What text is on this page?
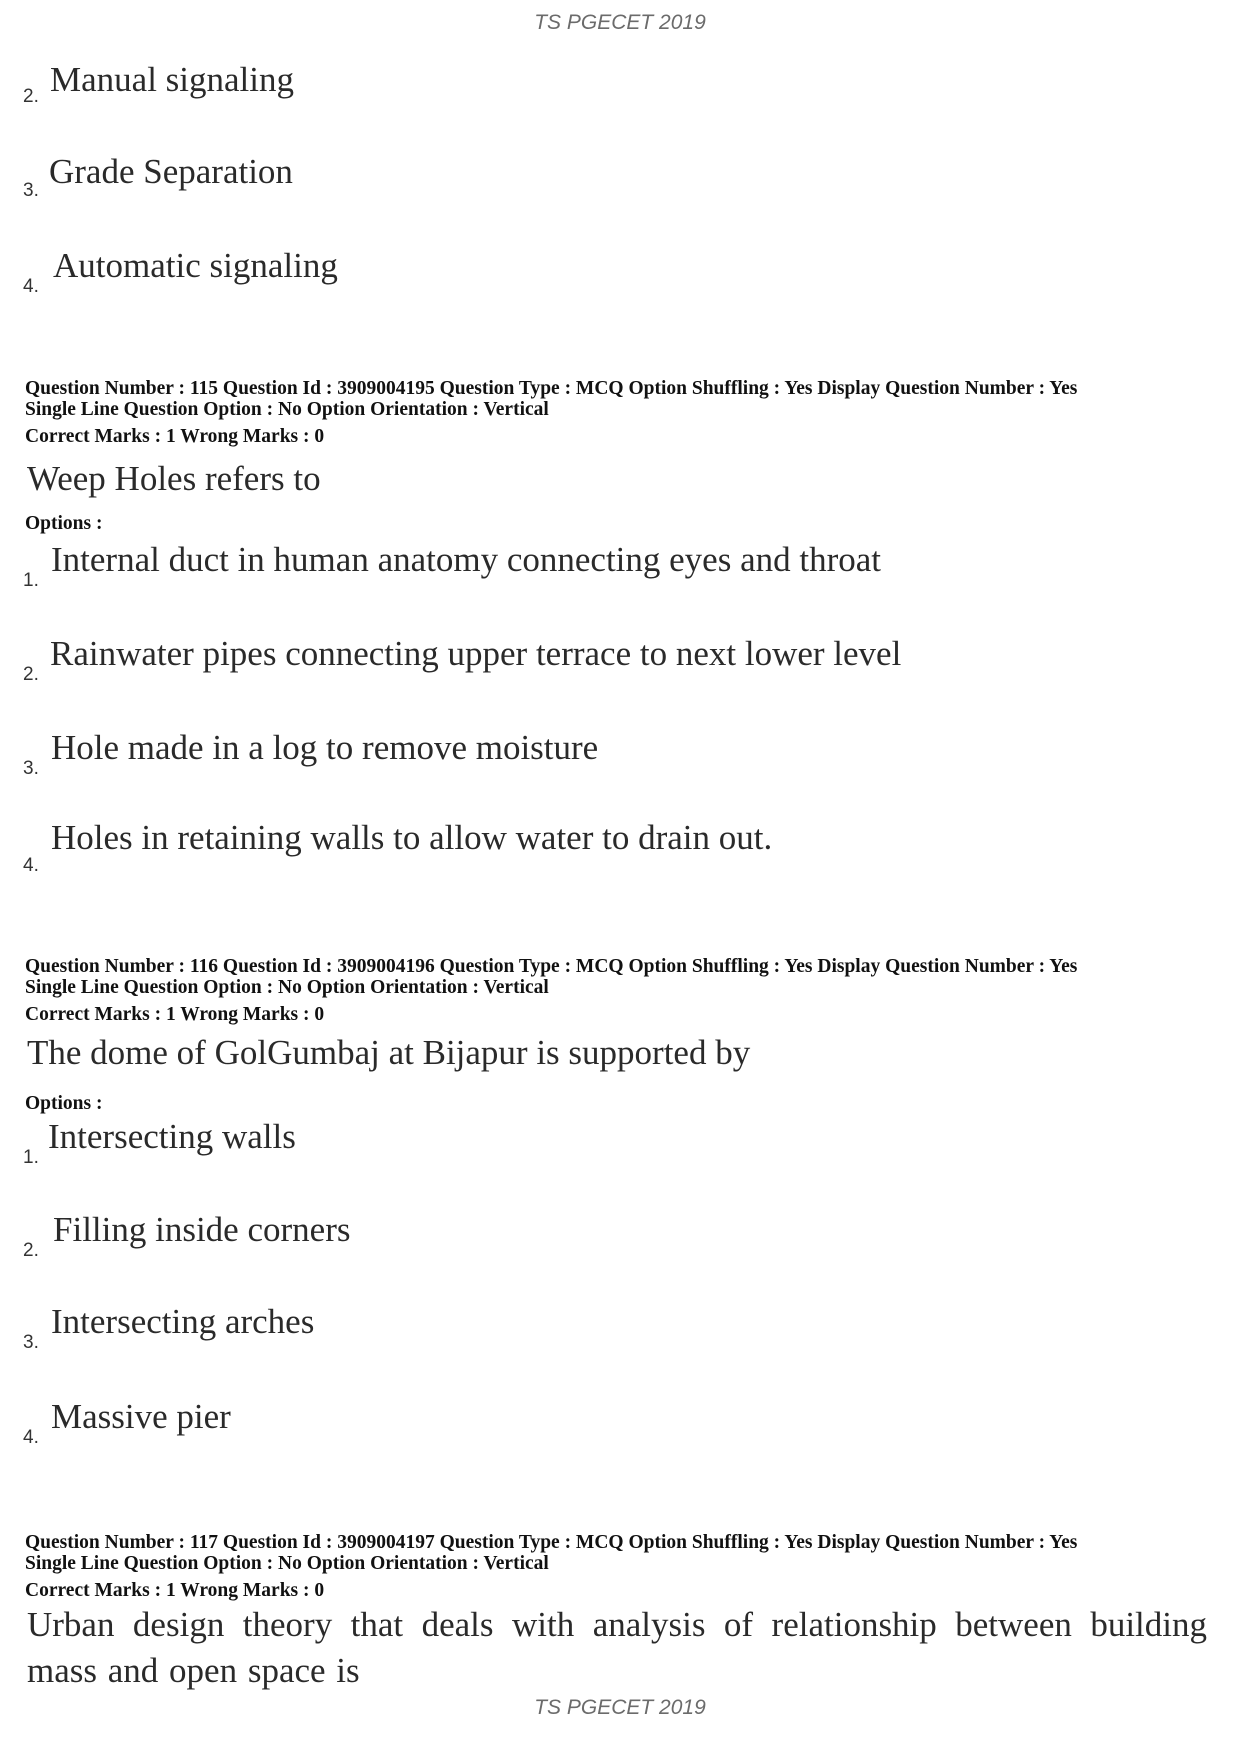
TS PGECET 2019
2. Manual signaling
3. Grade Separation
4.
Automatic signaling
Question Number : 115 Question Id : 3909004195 Question Type : MCQ Option Shuffling : Yes Display Question Number : Yes
Single Line Question Option : No Option Orientation : Vertical
Correct Marks : 1 Wrong Marks : 0
Weep Holes refers to
Options :
1.
Internal duct in human anatomy connecting eyes and throat
2.
Rainwater pipes connecting upper terrace to next lower level
3.
Hole made in a log to remove moisture
4.
Holes in retaining walls to allow water to drain out.
Question Number : 116 Question Id : 3909004196 Question Type : MCQ Option Shuffling : Yes Display Question Number : Yes
Single Line Question Option : No Option Orientation : Vertical
Correct Marks : 1 Wrong Marks : 0
The dome of GolGumbaj at Bijapur is supported by
Options :
1.
Intersecting walls
2.
Filling inside corners
3.
Intersecting arches
4.
Massive pier
Question Number : 117 Question Id : 3909004197 Question Type : MCQ Option Shuffling : Yes Display Question Number : Yes
Single Line Question Option : No Option Orientation : Vertical
Correct Marks : 1 Wrong Marks : 0
Urban design theory that deals with analysis of relationship between building mass and open space is
TS PGECET 2019
